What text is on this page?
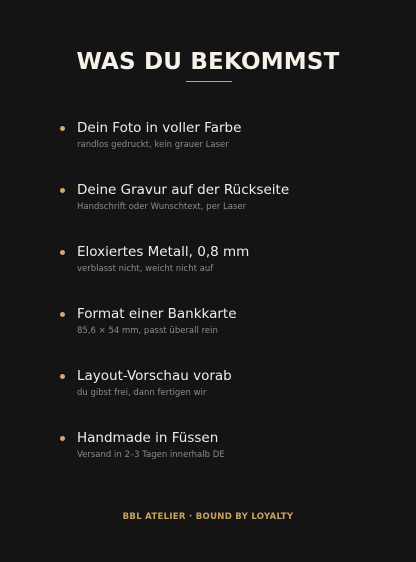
WAS DU BEKOMMST
Dein Foto in voller Farbe
randlos gedruckt, kein grauer Laser
Deine Gravur auf der Rückseite
Handschrift oder Wunschtext, per Laser
Eloxiertes Metall, 0,8 mm
verblasst nicht, weicht nicht auf
Format einer Bankkarte
85,6 × 54 mm, passt überall rein
Layout-Vorschau vorab
du gibst frei, dann fertigen wir
Handmade in Füssen
Versand in 2–3 Tagen innerhalb DE
BBL ATELIER · BOUND BY LOYALTY
